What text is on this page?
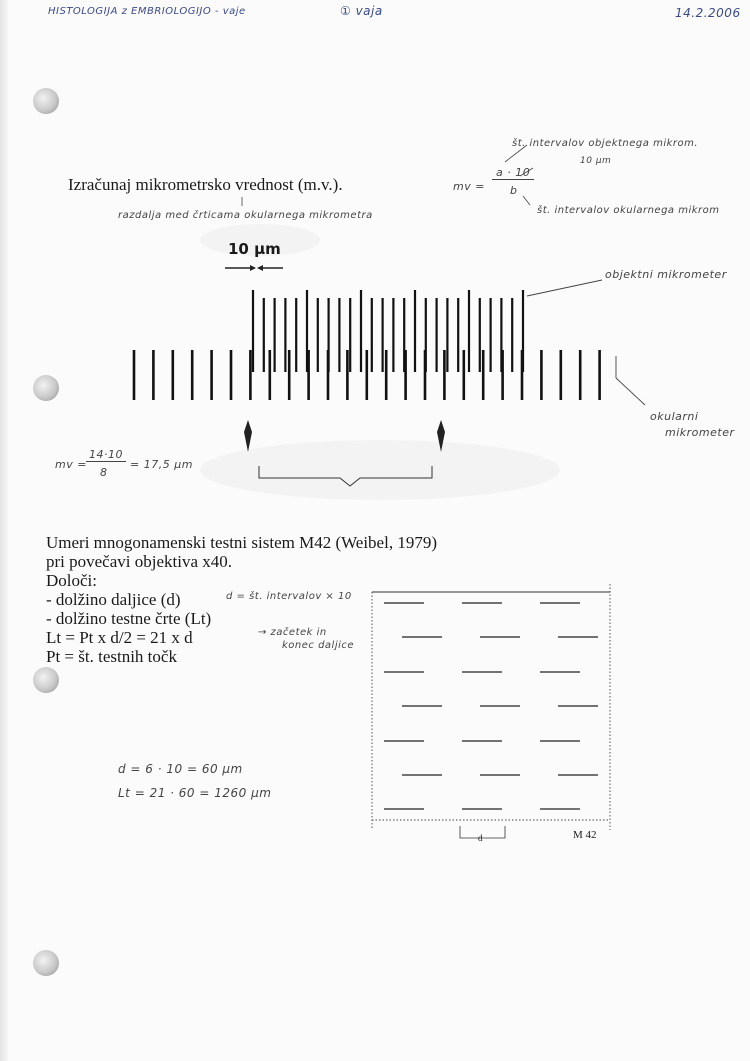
HISTOLOGIJA z EMBRIOLOGIJO - vaje	① vaja	14.2.2006
Izračunaj mikrometrsko vrednost (m.v.).	mv =
a · 10
b
št. intervalov objektnega mikrom.
10 μm
št. intervalov okularnega mikrom
razdalja med črticama okularnega mikrometra
10 μm
objektni mikrometer
okularni
mikrometer
mv =
14·10
8
= 17,5 μm
Umeri mnogonamenski testni sistem M42 (Weibel, 1979)
pri povečavi objektiva x40.
Določi:
- dolžino daljice (d)
- dolžino testne črte (Lt)
Lt = Pt x d/2 = 21 x d
Pt = št. testnih točk
d = št. intervalov × 10
→ začetek in
konec daljice
d = 6 · 10 = 60 μm
Lt = 21 · 60 = 1260 μm
d	M 42
